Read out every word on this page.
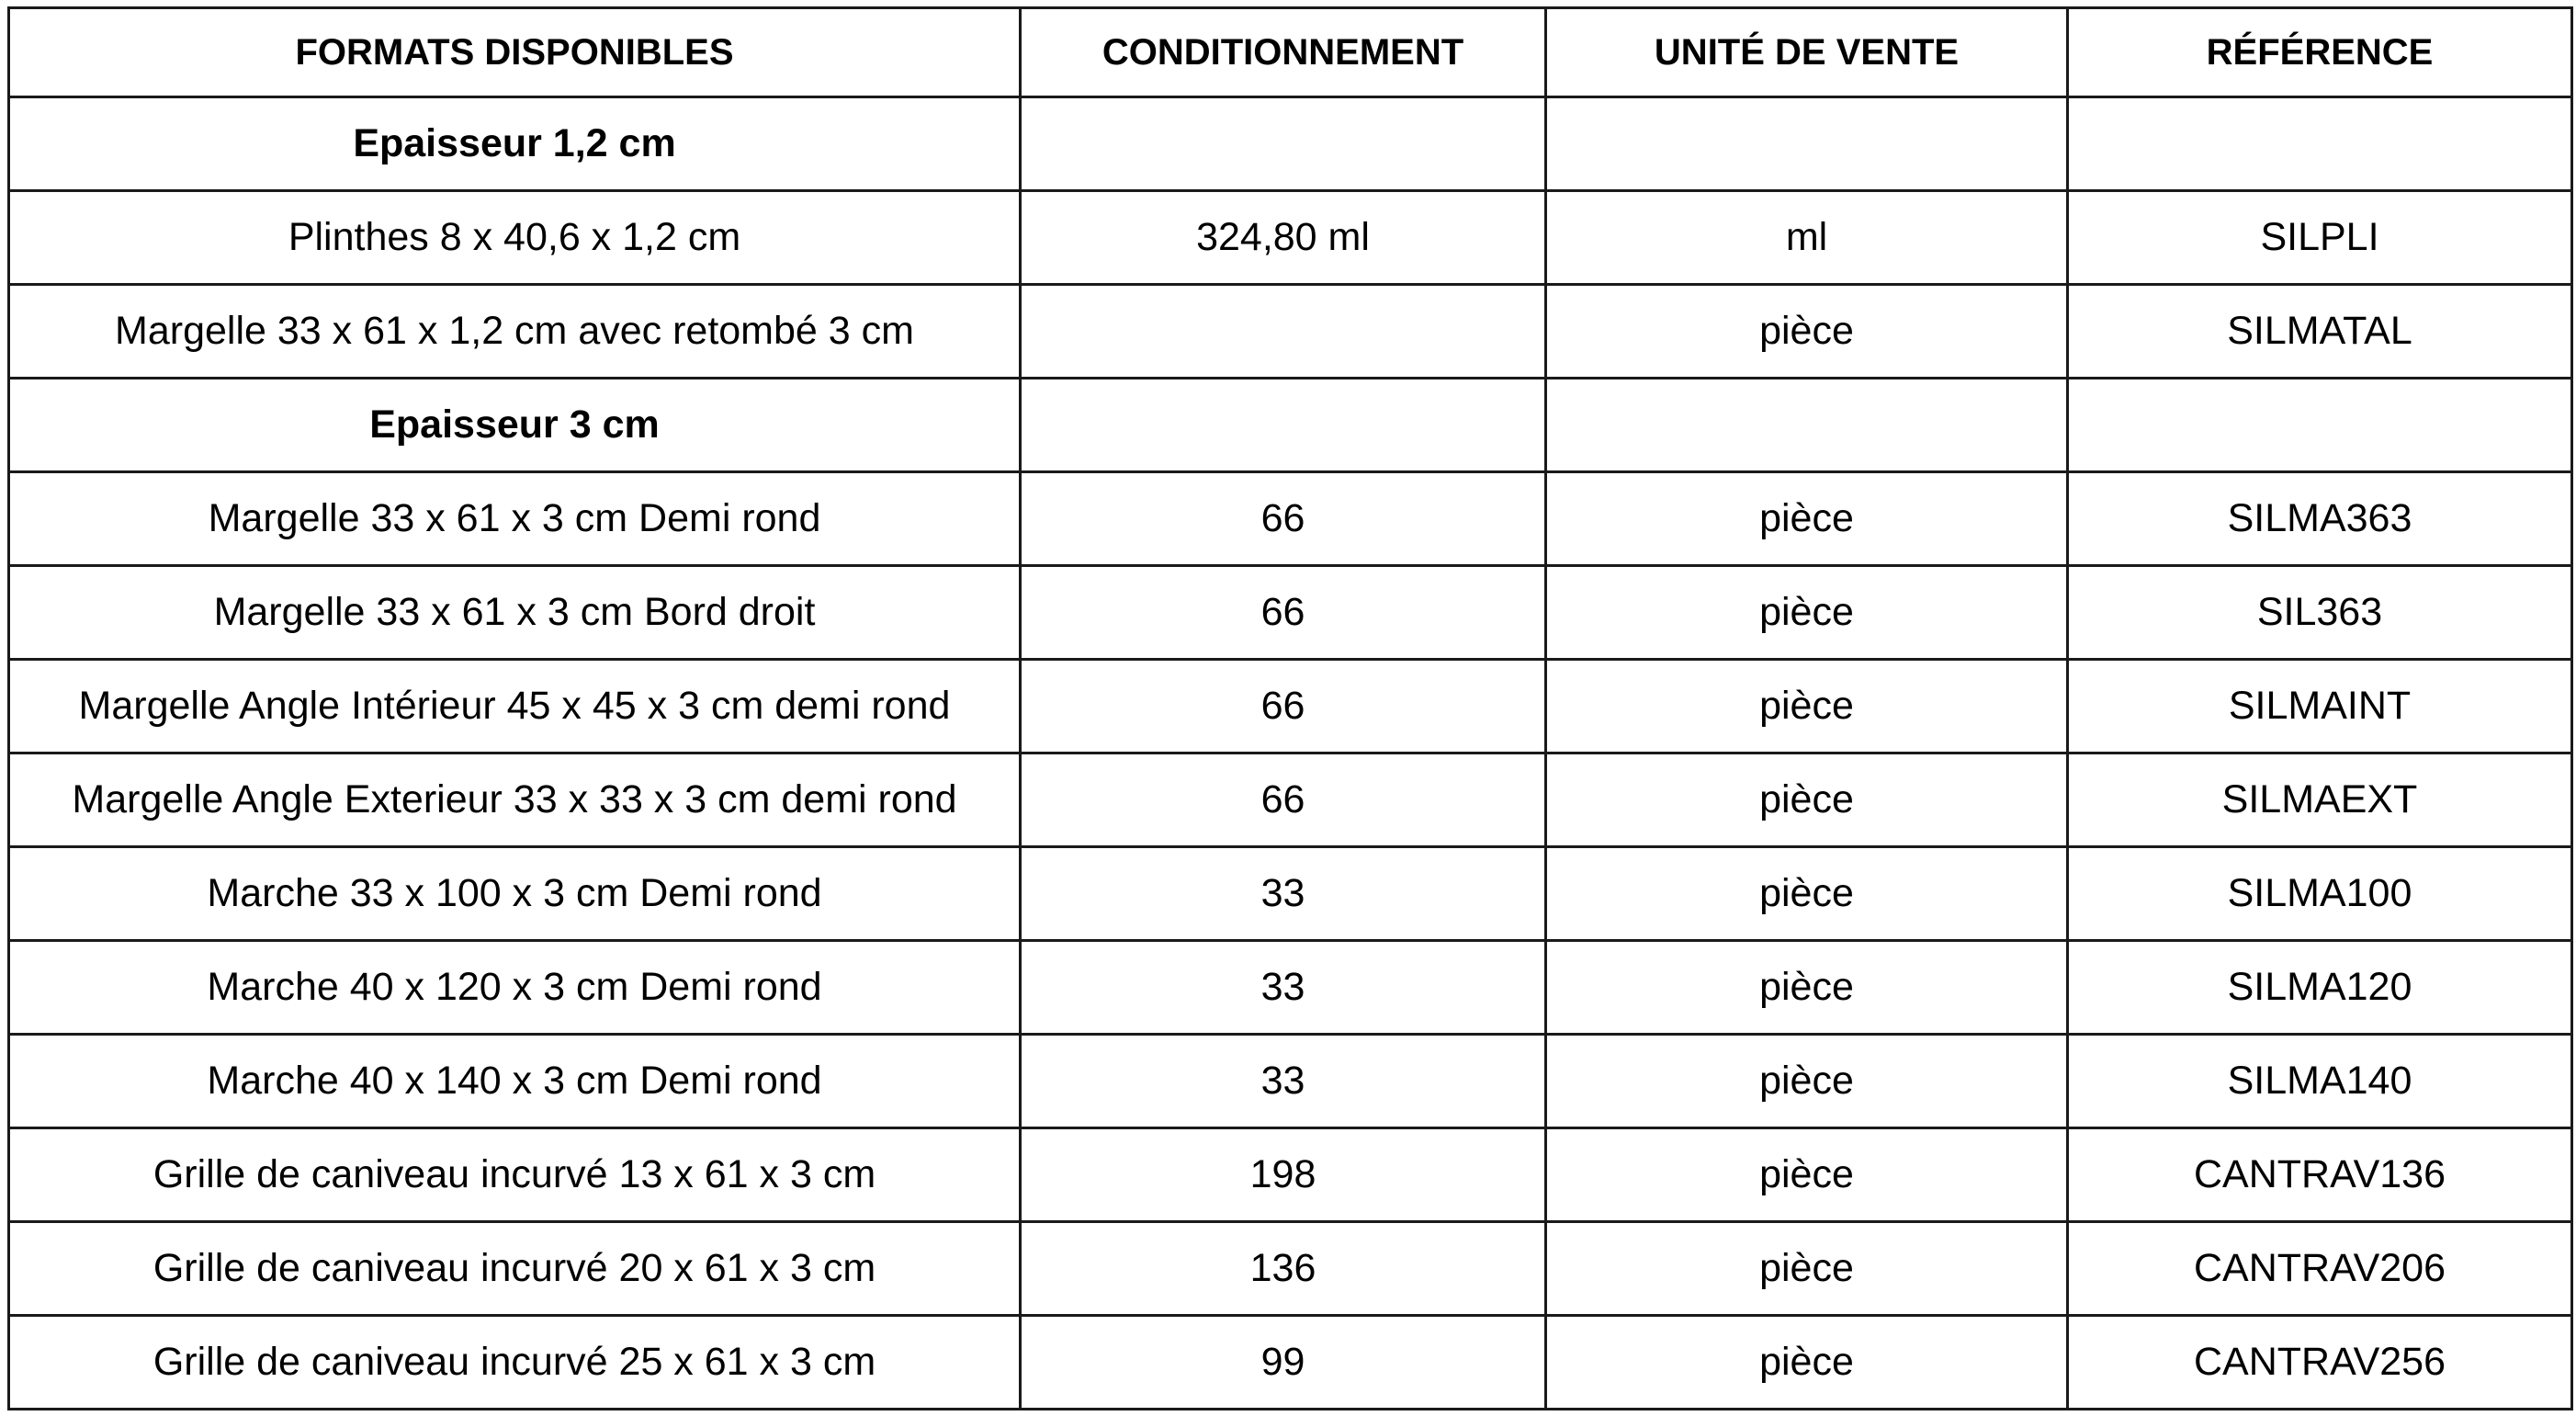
FORMATS DISPONIBLES	CONDITIONNEMENT	UNITÉ DE VENTE	RÉFÉRENCE
Epaisseur 1,2 cm			
Plinthes 8 x 40,6 x 1,2 cm	324,80 ml	ml	SILPLI
Margelle 33 x 61 x 1,2 cm avec retombé 3 cm		pièce	SILMATAL
Epaisseur 3 cm			
Margelle 33 x 61 x 3 cm Demi rond	66	pièce	SILMA363
Margelle 33 x 61 x 3 cm Bord droit	66	pièce	SIL363
Margelle Angle Intérieur 45 x 45 x 3 cm demi rond	66	pièce	SILMAINT
Margelle Angle Exterieur 33 x 33 x 3 cm demi rond	66	pièce	SILMAEXT
Marche 33 x 100 x 3 cm Demi rond	33	pièce	SILMA100
Marche 40 x 120 x 3 cm Demi rond	33	pièce	SILMA120
Marche 40 x 140 x 3 cm Demi rond	33	pièce	SILMA140
Grille de caniveau incurvé 13 x 61 x 3 cm	198	pièce	CANTRAV136
Grille de caniveau incurvé 20 x 61 x 3 cm	136	pièce	CANTRAV206
Grille de caniveau incurvé 25 x 61 x 3 cm	99	pièce	CANTRAV256
